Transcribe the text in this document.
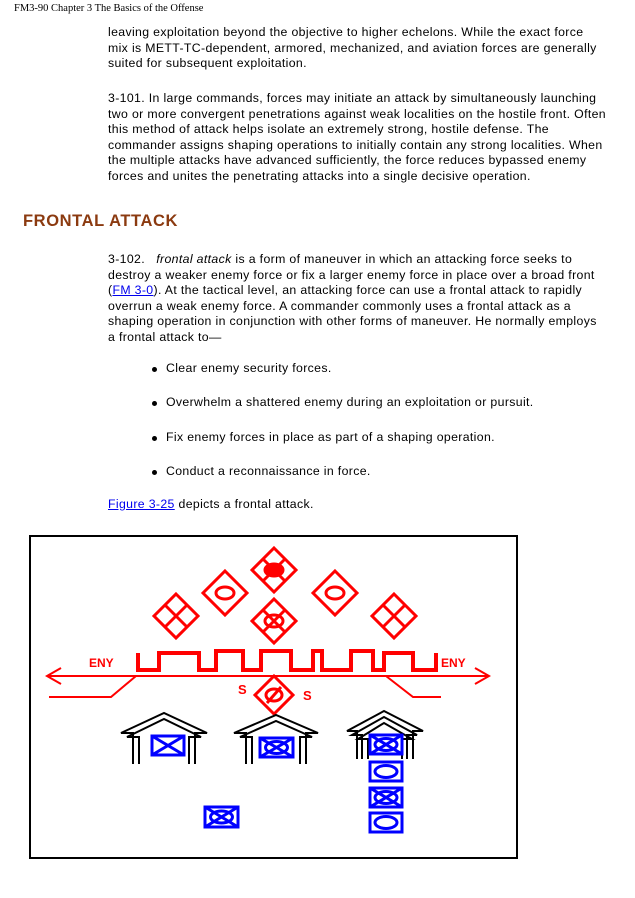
FM3-90 Chapter 3 The Basics of the Offense

leaving exploitation beyond the objective to higher echelons. While the exact force mix is METT-TC-dependent, armored, mechanized, and aviation forces are generally suited for subsequent exploitation.

3-101. In large commands, forces may initiate an attack by simultaneously launching two or more convergent penetrations against weak localities on the hostile front. Often this method of attack helps isolate an extremely strong, hostile defense. The commander assigns shaping operations to initially contain any strong localities. When the multiple attacks have advanced sufficiently, the force reduces bypassed enemy forces and unites the penetrating attacks into a single decisive operation.

FRONTAL ATTACK

3-102. frontal attack is a form of maneuver in which an attacking force seeks to destroy a weaker enemy force or fix a larger enemy force in place over a broad front (FM 3-0). At the tactical level, an attacking force can use a frontal attack to rapidly overrun a weak enemy force. A commander commonly uses a frontal attack as a shaping operation in conjunction with other forms of maneuver. He normally employs a frontal attack to—

Clear enemy security forces.
Overwhelm a shattered enemy during an exploitation or pursuit.
Fix enemy forces in place as part of a shaping operation.
Conduct a reconnaissance in force.

Figure 3-25 depicts a frontal attack.

ENY	ENY
S	S
